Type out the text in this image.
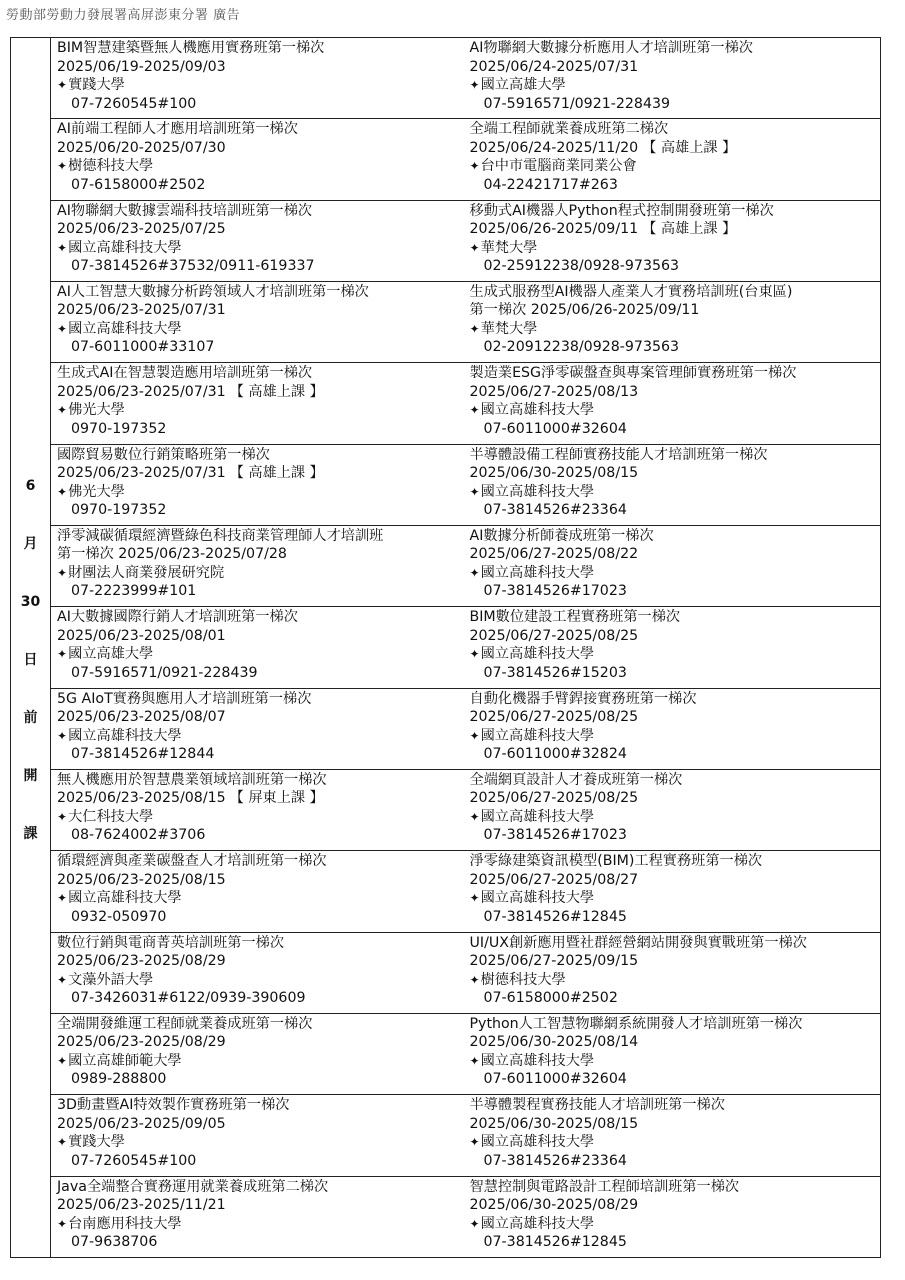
勞動部勞動力發展署高屏澎東分署 廣告
6
月
30
日
前
開
課
BIM智慧建築暨無人機應用實務班第一梯次
2025/06/19-2025/09/03
✦ 實踐大學
07-7260545#100
AI物聯網大數據分析應用人才培訓班第一梯次
2025/06/24-2025/07/31
✦ 國立高雄大學
07-5916571/0921-228439
AI前端工程師人才應用培訓班第一梯次
2025/06/20-2025/07/30
✦ 樹德科技大學
07-6158000#2502
全端工程師就業養成班第二梯次
2025/06/24-2025/11/20 【 高雄上課 】
✦ 台中市電腦商業同業公會
04-22421717#263
AI物聯網大數據雲端科技培訓班第一梯次
2025/06/23-2025/07/25
✦ 國立高雄科技大學
07-3814526#37532/0911-619337
移動式AI機器人Python程式控制開發班第一梯次
2025/06/26-2025/09/11 【 高雄上課 】
✦ 華梵大學
02-25912238/0928-973563
AI人工智慧大數據分析跨領域人才培訓班第一梯次
2025/06/23-2025/07/31
✦ 國立高雄科技大學
07-6011000#33107
生成式服務型AI機器人產業人才實務培訓班(台東區)
第一梯次 2025/06/26-2025/09/11
✦ 華梵大學
02-20912238/0928-973563
生成式AI在智慧製造應用培訓班第一梯次
2025/06/23-2025/07/31 【 高雄上課 】
✦ 佛光大學
0970-197352
製造業ESG淨零碳盤查與專案管理師實務班第一梯次
2025/06/27-2025/08/13
✦ 國立高雄科技大學
07-6011000#32604
國際貿易數位行銷策略班第一梯次
2025/06/23-2025/07/31 【 高雄上課 】
✦ 佛光大學
0970-197352
半導體設備工程師實務技能人才培訓班第一梯次
2025/06/30-2025/08/15
✦ 國立高雄科技大學
07-3814526#23364
淨零減碳循環經濟暨綠色科技商業管理師人才培訓班
第一梯次 2025/06/23-2025/07/28
✦ 財團法人商業發展研究院
07-2223999#101
AI數據分析師養成班第一梯次
2025/06/27-2025/08/22
✦ 國立高雄科技大學
07-3814526#17023
AI大數據國際行銷人才培訓班第一梯次
2025/06/23-2025/08/01
✦ 國立高雄大學
07-5916571/0921-228439
BIM數位建設工程實務班第一梯次
2025/06/27-2025/08/25
✦ 國立高雄科技大學
07-3814526#15203
5G AIoT實務與應用人才培訓班第一梯次
2025/06/23-2025/08/07
✦ 國立高雄科技大學
07-3814526#12844
自動化機器手臂銲接實務班第一梯次
2025/06/27-2025/08/25
✦ 國立高雄科技大學
07-6011000#32824
無人機應用於智慧農業領域培訓班第一梯次
2025/06/23-2025/08/15 【 屏東上課 】
✦ 大仁科技大學
08-7624002#3706
全端網頁設計人才養成班第一梯次
2025/06/27-2025/08/25
✦ 國立高雄科技大學
07-3814526#17023
循環經濟與產業碳盤查人才培訓班第一梯次
2025/06/23-2025/08/15
✦ 國立高雄科技大學
0932-050970
淨零綠建築資訊模型(BIM)工程實務班第一梯次
2025/06/27-2025/08/27
✦ 國立高雄科技大學
07-3814526#12845
數位行銷與電商菁英培訓班第一梯次
2025/06/23-2025/08/29
✦ 文藻外語大學
07-3426031#6122/0939-390609
UI/UX創新應用暨社群經營網站開發與實戰班第一梯次
2025/06/27-2025/09/15
✦ 樹德科技大學
07-6158000#2502
全端開發維運工程師就業養成班第一梯次
2025/06/23-2025/08/29
✦ 國立高雄師範大學
0989-288800
Python人工智慧物聯網系統開發人才培訓班第一梯次
2025/06/30-2025/08/14
✦ 國立高雄科技大學
07-6011000#32604
3D動畫暨AI特效製作實務班第一梯次
2025/06/23-2025/09/05
✦ 實踐大學
07-7260545#100
半導體製程實務技能人才培訓班第一梯次
2025/06/30-2025/08/15
✦ 國立高雄科技大學
07-3814526#23364
Java全端整合實務運用就業養成班第二梯次
2025/06/23-2025/11/21
✦ 台南應用科技大學
07-9638706
智慧控制與電路設計工程師培訓班第一梯次
2025/06/30-2025/08/29
✦ 國立高雄科技大學
07-3814526#12845
